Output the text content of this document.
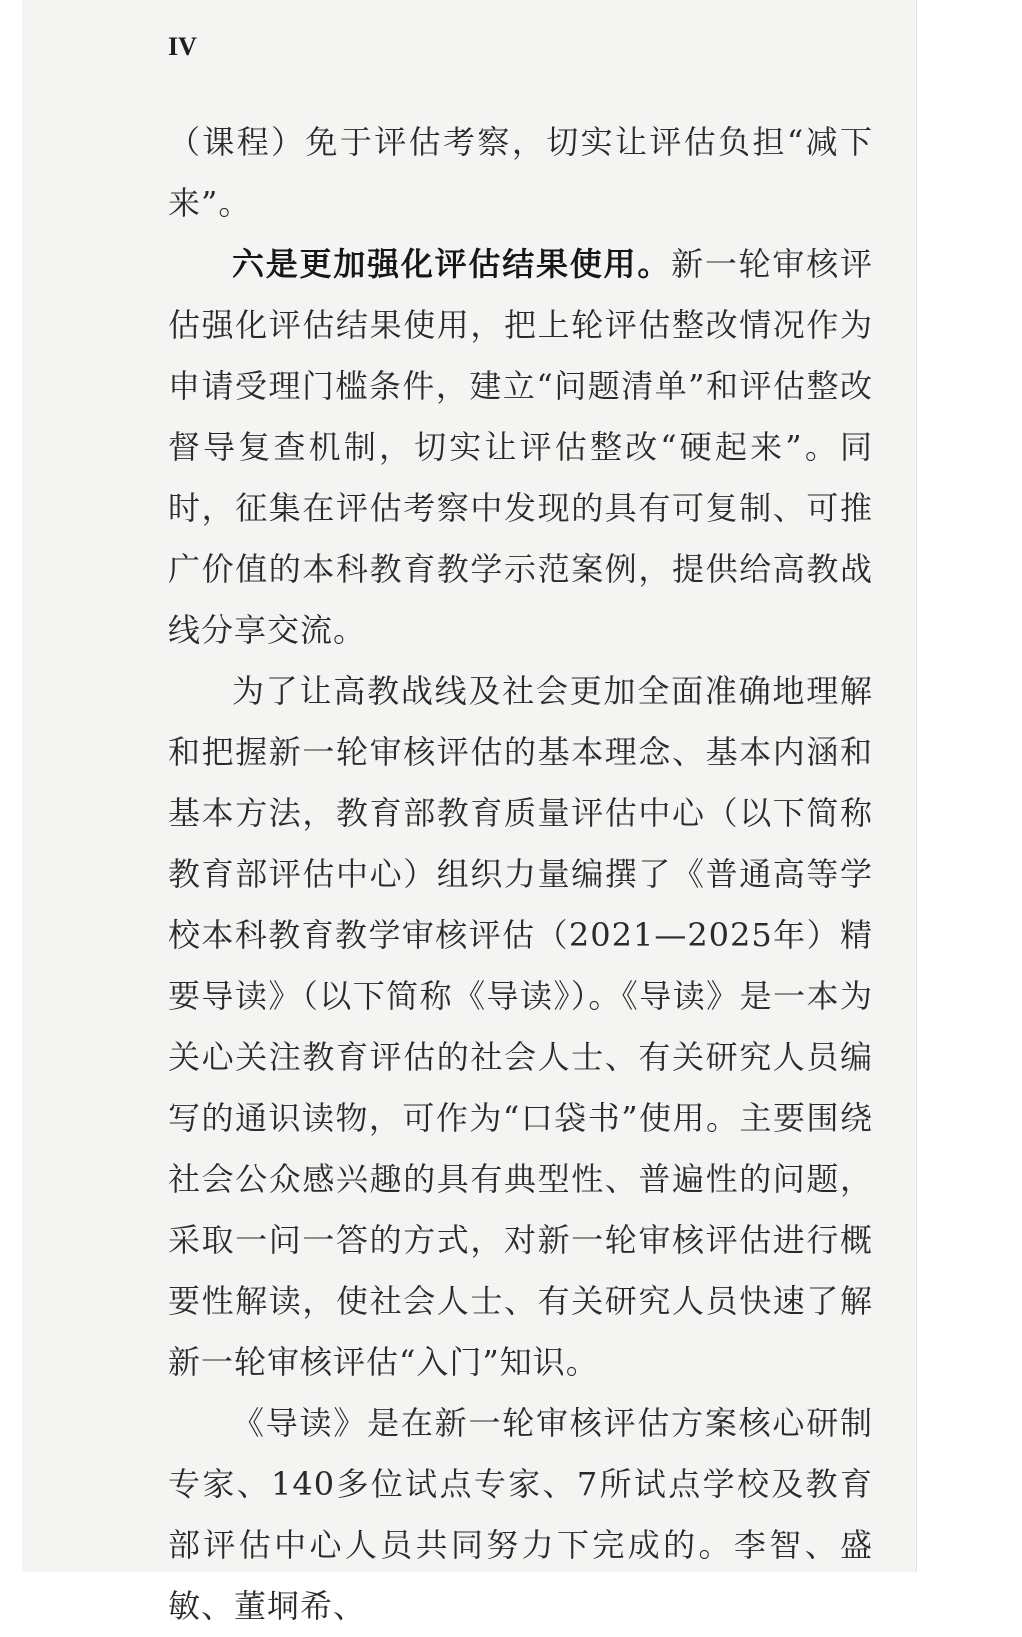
IV

（课程）免于评估考察，切实让评估负担“减下来”。

六是更加强化评估结果使用。新一轮审核评估强化评估结果使用，把上轮评估整改情况作为申请受理门槛条件，建立“问题清单”和评估整改督导复查机制，切实让评估整改“硬起来”。同时，征集在评估考察中发现的具有可复制、可推广价值的本科教育教学示范案例，提供给高教战线分享交流。

为了让高教战线及社会更加全面准确地理解和把握新一轮审核评估的基本理念、基本内涵和基本方法，教育部教育质量评估中心（以下简称教育部评估中心）组织力量编撰了《普通高等学校本科教育教学审核评估（2021—2025年）精要导读》（以下简称《导读》）。《导读》是一本为关心关注教育评估的社会人士、有关研究人员编写的通识读物，可作为“口袋书”使用。主要围绕社会公众感兴趣的具有典型性、普遍性的问题，采取一问一答的方式，对新一轮审核评估进行概要性解读，使社会人士、有关研究人员快速了解新一轮审核评估“入门”知识。

《导读》是在新一轮审核评估方案核心研制专家、140多位试点专家、7所试点学校及教育部评估中心人员共同努力下完成的。李智、盛敏、董垌希、
